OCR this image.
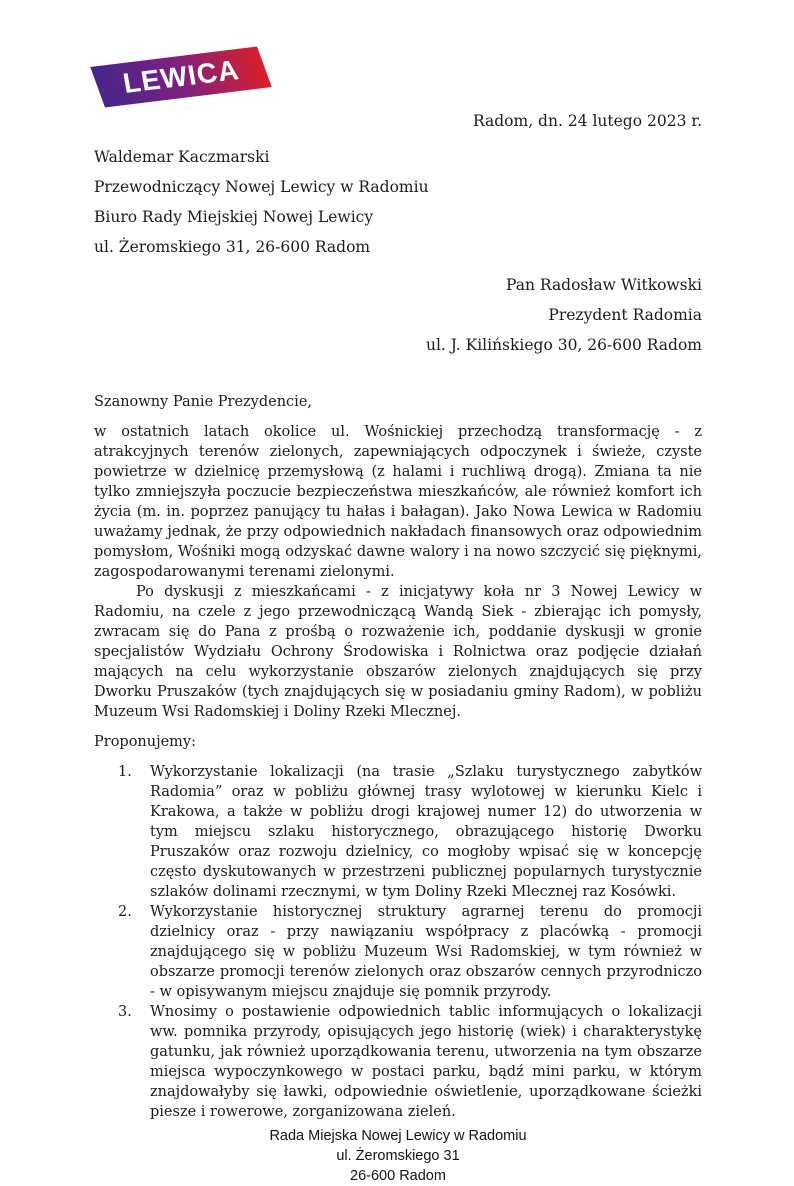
LEWICA
Radom, dn. 24 lutego 2023 r.
Waldemar Kaczmarski
Przewodniczący Nowej Lewicy w Radomiu
Biuro Rady Miejskiej Nowej Lewicy
ul. Żeromskiego 31, 26-600 Radom
Pan Radosław Witkowski
Prezydent Radomia
ul. J. Kilińskiego 30, 26-600 Radom
Szanowny Panie Prezydencie,

w ostatnich latach okolice ul. Wośnickiej przechodzą transformację - z atrakcyjnych terenów zielonych, zapewniających odpoczynek i świeże, czyste powietrze w dzielnicę przemysłową (z halami i ruchliwą drogą). Zmiana ta nie tylko zmniejszyła poczucie bezpieczeństwa mieszkańców, ale również komfort ich życia (m. in. poprzez panujący tu hałas i bałagan). Jako Nowa Lewica w Radomiu uważamy jednak, że przy odpowiednich nakładach finansowych oraz odpowiednim pomysłom, Wośniki mogą odzyskać dawne walory i na nowo szczycić się pięknymi, zagospodarowanymi terenami zielonymi.

Po dyskusji z mieszkańcami - z inicjatywy koła nr 3 Nowej Lewicy w Radomiu, na czele z jego przewodniczącą Wandą Siek - zbierając ich pomysły, zwracam się do Pana z prośbą o rozważenie ich, poddanie dyskusji w gronie specjalistów Wydziału Ochrony Środowiska i Rolnictwa oraz podjęcie działań mających na celu wykorzystanie obszarów zielonych znajdujących się przy Dworku Pruszaków (tych znajdujących się w posiadaniu gminy Radom), w pobliżu Muzeum Wsi Radomskiej i Doliny Rzeki Mlecznej.

Proponujemy:
1.	Wykorzystanie lokalizacji (na trasie „Szlaku turystycznego zabytków Radomia” oraz w pobliżu głównej trasy wylotowej w kierunku Kielc i Krakowa, a także w pobliżu drogi krajowej numer 12) do utworzenia w tym miejscu szlaku historycznego, obrazującego historię Dworku Pruszaków oraz rozwoju dzielnicy, co mogłoby wpisać się w koncepcję często dyskutowanych w przestrzeni publicznej popularnych turystycznie szlaków dolinami rzecznymi, w tym Doliny Rzeki Mlecznej raz Kosówki.
2.	Wykorzystanie historycznej struktury agrarnej terenu do promocji dzielnicy oraz - przy nawiązaniu współpracy z placówką - promocji znajdującego się w pobliżu Muzeum Wsi Radomskiej, w tym również w obszarze promocji terenów zielonych oraz obszarów cennych przyrodniczo - w opisywanym miejscu znajduje się pomnik przyrody.
3.	Wnosimy o postawienie odpowiednich tablic informujących o lokalizacji ww. pomnika przyrody, opisujących jego historię (wiek) i charakterystykę gatunku, jak również uporządkowania terenu, utworzenia na tym obszarze miejsca wypoczynkowego w postaci parku, bądź mini parku, w którym znajdowałyby się ławki, odpowiednie oświetlenie, uporządkowane ścieżki piesze i rowerowe, zorganizowana zieleń.
Rada Miejska Nowej Lewicy w Radomiu
ul. Żeromskiego 31
26-600 Radom
